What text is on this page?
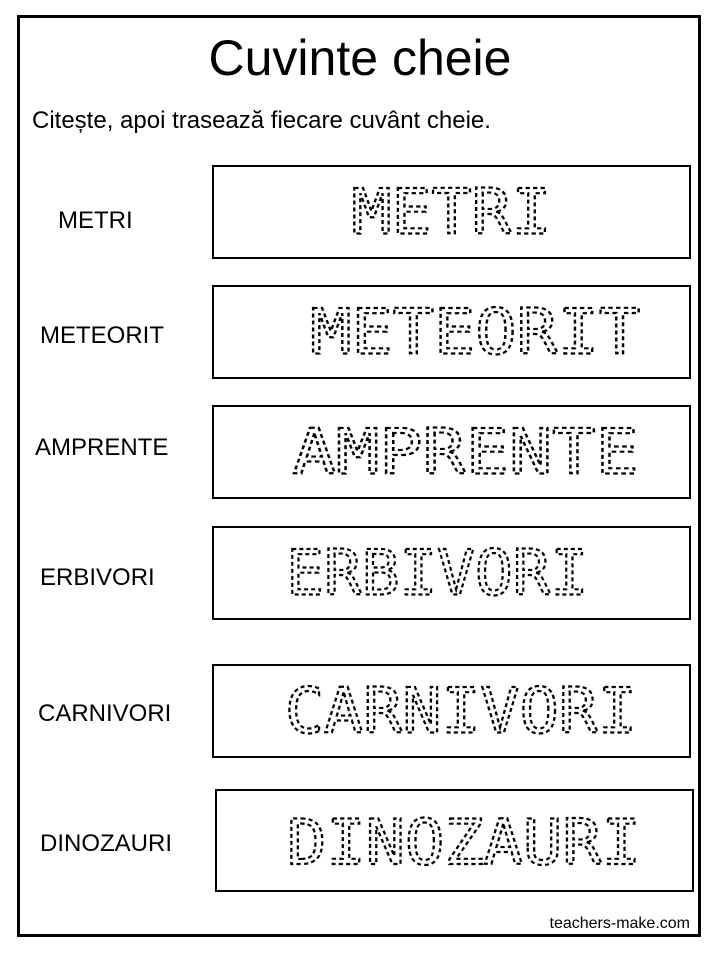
Cuvinte cheie
Citește, apoi trasează fiecare cuvânt cheie.
METRI	METRI
METEORIT METEORIT
AMPRENTE AMPRENTE
ERBIVORI ERBIVORI
CARNIVORI CARNIVORI
DINOZAURI DINOZAURI
teachers-make.com
